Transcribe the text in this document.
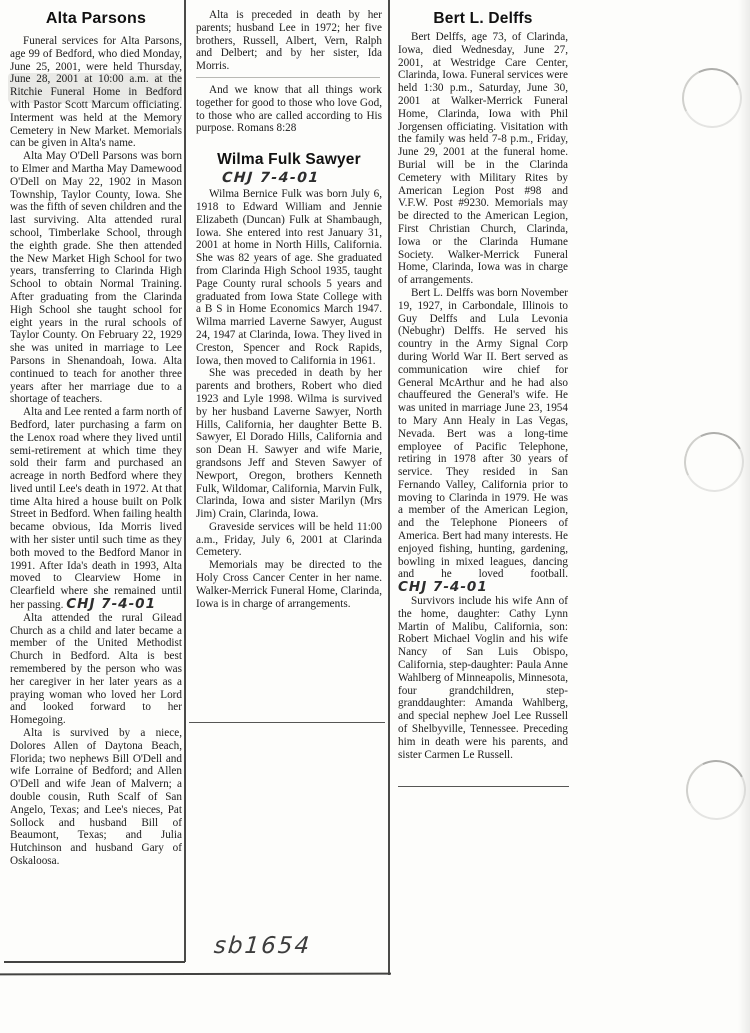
Alta Parsons

Funeral services for Alta Parsons, age 99 of Bedford, who died Monday, June 25, 2001, were held Thursday, June 28, 2001 at 10:00 a.m. at the Ritchie Funeral Home in Bedford with Pastor Scott Marcum officiating. Interment was held at the Memory Cemetery in New Market. Memorials can be given in Alta's name.

Alta May O'Dell Parsons was born to Elmer and Martha May Damewood O'Dell on May 22, 1902 in Mason Township, Taylor County, Iowa. She was the fifth of seven children and the last surviving. Alta attended rural school, Timberlake School, through the eighth grade. She then attended the New Market High School for two years, transferring to Clarinda High School to obtain Normal Training. After graduating from the Clarinda High School she taught school for eight years in the rural schools of Taylor County. On February 22, 1929 she was united in marriage to Lee Parsons in Shenandoah, Iowa. Alta continued to teach for another three years after her marriage due to a shortage of teachers.

Alta and Lee rented a farm north of Bedford, later purchasing a farm on the Lenox road where they lived until semi-retirement at which time they sold their farm and purchased an acreage in north Bedford where they lived until Lee's death in 1972. At that time Alta hired a house built on Polk Street in Bedford. When failing health became obvious, Ida Morris lived with her sister until such time as they both moved to the Bedford Manor in 1991. After Ida's death in 1993, Alta moved to Clearview Home in Clearfield where she remained until her passing. CHJ 7-4-01

Alta attended the rural Gilead Church as a child and later became a member of the United Methodist Church in Bedford. Alta is best remembered by the person who was her caregiver in her later years as a praying woman who loved her Lord and looked forward to her Homegoing.

Alta is survived by a niece, Dolores Allen of Daytona Beach, Florida; two nephews Bill O'Dell and wife Lorraine of Bedford; and Allen O'Dell and wife Jean of Malvern; a double cousin, Ruth Scalf of San Angelo, Texas; and Lee's nieces, Pat Sollock and husband Bill of Beaumont, Texas; and Julia Hutchinson and husband Gary of Oskaloosa.

Alta is preceded in death by her parents; husband Lee in 1972; her five brothers, Russell, Albert, Vern, Ralph and Delbert; and by her sister, Ida Morris.

And we know that all things work together for good to those who love God, to those who are called according to His purpose. Romans 8:28

Wilma Fulk Sawyer
CHJ 7-4-01

Wilma Bernice Fulk was born July 6, 1918 to Edward William and Jennie Elizabeth (Duncan) Fulk at Shambaugh, Iowa. She entered into rest January 31, 2001 at home in North Hills, California. She was 82 years of age. She graduated from Clarinda High School 1935, taught Page County rural schools 5 years and graduated from Iowa State College with a B S in Home Economics March 1947. Wilma married Laverne Sawyer, August 24, 1947 at Clarinda, Iowa. They lived in Creston, Spencer and Rock Rapids, Iowa, then moved to California in 1961.

She was preceded in death by her parents and brothers, Robert who died 1923 and Lyle 1998. Wilma is survived by her husband Laverne Sawyer, North Hills, California, her daughter Bette B. Sawyer, El Dorado Hills, California and son Dean H. Sawyer and wife Marie, grandsons Jeff and Steven Sawyer of Newport, Oregon, brothers Kenneth Fulk, Wildomar, California, Marvin Fulk, Clarinda, Iowa and sister Marilyn (Mrs Jim) Crain, Clarinda, Iowa.

Graveside services will be held 11:00 a.m., Friday, July 6, 2001 at Clarinda Cemetery.

Memorials may be directed to the Holy Cross Cancer Center in her name. Walker-Merrick Funeral Home, Clarinda, Iowa is in charge of arrangements.

Bert L. Delffs

Bert Delffs, age 73, of Clarinda, Iowa, died Wednesday, June 27, 2001, at Westridge Care Center, Clarinda, Iowa. Funeral services were held 1:30 p.m., Saturday, June 30, 2001 at Walker-Merrick Funeral Home, Clarinda, Iowa with Phil Jorgensen officiating. Visitation with the family was held 7-8 p.m., Friday, June 29, 2001 at the funeral home. Burial will be in the Clarinda Cemetery with Military Rites by American Legion Post #98 and V.F.W. Post #9230. Memorials may be directed to the American Legion, First Christian Church, Clarinda, Iowa or the Clarinda Humane Society. Walker-Merrick Funeral Home, Clarinda, Iowa was in charge of arrangements.

Bert L. Delffs was born November 19, 1927, in Carbondale, Illinois to Guy Delffs and Lula Levonia (Nebughr) Delffs. He served his country in the Army Signal Corp during World War II. Bert served as communication wire chief for General McArthur and he had also chauffeured the General's wife. He was united in marriage June 23, 1954 to Mary Ann Healy in Las Vegas, Nevada. Bert was a long-time employee of Pacific Telephone, retiring in 1978 after 30 years of service. They resided in San Fernando Valley, California prior to moving to Clarinda in 1979. He was a member of the American Legion, and the Telephone Pioneers of America. Bert had many interests. He enjoyed fishing, hunting, gardening, bowling in mixed leagues, dancing and he loved football. CHJ 7-4-01

Survivors include his wife Ann of the home, daughter: Cathy Lynn Martin of Malibu, California, son: Robert Michael Voglin and his wife Nancy of San Luis Obispo, California, step-daughter: Paula Anne Wahlberg of Minneapolis, Minnesota, four grandchildren, step-granddaughter: Amanda Wahlberg, and special nephew Joel Lee Russell of Shelbyville, Tennessee. Preceding him in death were his parents, and sister Carmen Le Russell.

sb1654
